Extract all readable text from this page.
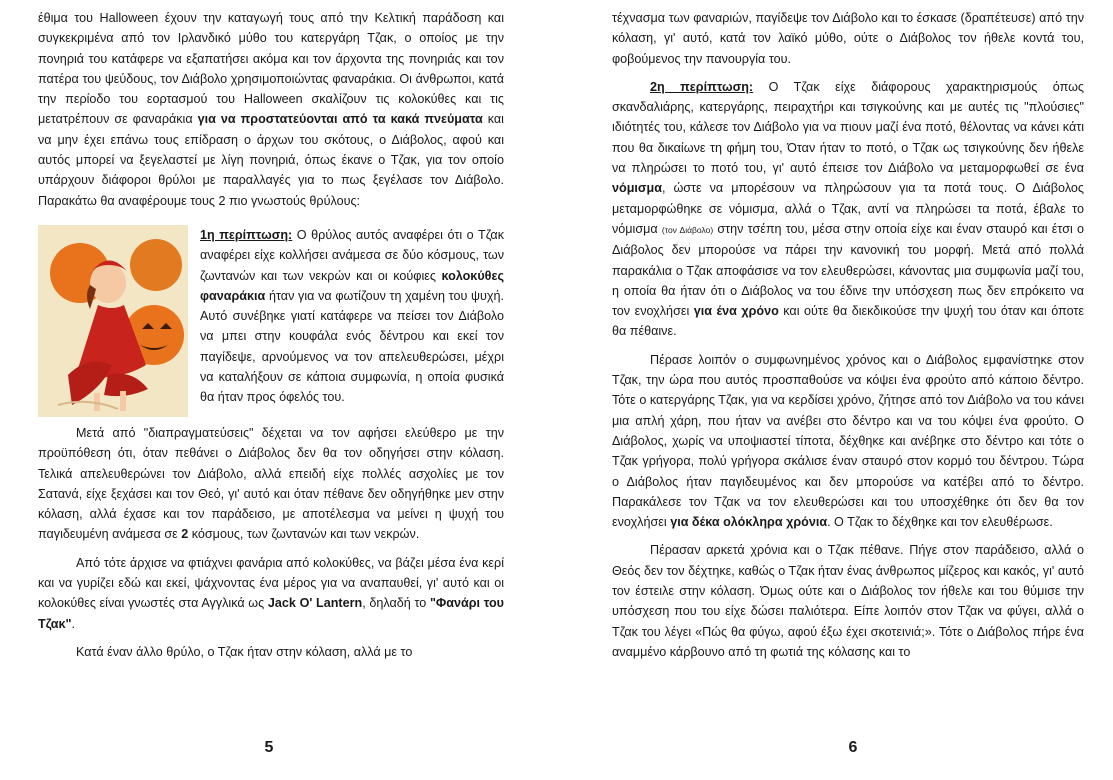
έθιμα του Halloween έχουν την καταγωγή τους από την Κελτική παράδοση και συγκεκριμένα από τον Ιρλανδικό μύθο του κατεργάρη Τζακ, ο οποίος με την πονηριά του κατάφερε να εξαπατήσει ακόμα και τον άρχοντα της πονηριάς και τον πατέρα του ψεύδους, τον Διάβολο χρησιμοποιώντας φαναράκια. Οι άνθρωποι, κατά την περίοδο του εορτασμού του Halloween σκαλίζουν τις κολοκύθες και τις μετατρέπουν σε φαναράκια για να προστατεύονται από τα κακά πνεύματα και να μην έχει επάνω τους επίδραση ο άρχων του σκότους, ο Διάβολος, αφού και αυτός μπορεί να ξεγελαστεί με λίγη πονηριά, όπως έκανε ο Τζακ, για τον οποίο υπάρχουν διάφοροι θρύλοι με παραλλαγές για το πως ξεγέλασε τον Διάβολο. Παρακάτω θα αναφέρουμε τους 2 πιο γνωστούς θρύλους:

1η περίπτωση: Ο θρύλος αυτός αναφέρει ότι ο Τζακ αναφέρει είχε κολλήσει ανάμεσα σε δύο κόσμους, των ζωντανών και των νεκρών και οι κούφιες κολοκύθες φαναράκια ήταν για να φωτίζουν τη χαμένη του ψυχή. Αυτό συνέβηκε γιατί κατάφερε να πείσει τον Διάβολο να μπει στην κουφάλα ενός δέντρου και εκεί τον παγίδεψε, αρνούμενος να τον απελευθερώσει, μέχρι να καταλήξουν σε κάποια συμφωνία, η οποία φυσικά θα ήταν προς όφελός του.

Μετά από "διαπραγματεύσεις" δέχεται να τον αφήσει ελεύθερο με την προϋπόθεση ότι, όταν πεθάνει ο Διάβολος δεν θα τον οδηγήσει στην κόλαση. Τελικά απελευθερώνει τον Διάβολο, αλλά επειδή είχε πολλές ασχολίες με τον Σατανά, είχε ξεχάσει και τον Θεό, γι' αυτό και όταν πέθανε δεν οδηγήθηκε μεν στην κόλαση, αλλά έχασε και τον παράδεισο, με αποτέλεσμα να μείνει η ψυχή του παγιδευμένη ανάμεσα σε 2 κόσμους, των ζωντανών και των νεκρών.

Από τότε άρχισε να φτιάχνει φανάρια από κολοκύθες, να βάζει μέσα ένα κερί και να γυρίζει εδώ και εκεί, ψάχνοντας ένα μέρος για να αναπαυθεί, γι' αυτό και οι κολοκύθες είναι γνωστές στα Αγγλικά ως Jack O' Lantern, δηλαδή το "Φανάρι του Τζακ".

Κατά έναν άλλο θρύλο, ο Τζακ ήταν στην κόλαση, αλλά με το

5

τέχνασμα των φαναριών, παγίδεψε τον Διάβολο και το έσκασε (δραπέτευσε) από την κόλαση, γι' αυτό, κατά τον λαϊκό μύθο, ούτε ο Διάβολος τον ήθελε κοντά του, φοβούμενος την πανουργία του.

2η περίπτωση: Ο Τζακ είχε διάφορους χαρακτηρισμούς όπως σκανδαλιάρης, κατεργάρης, πειραχτήρι και τσιγκούνης και με αυτές τις "πλούσιες" ιδιότητές του, κάλεσε τον Διάβολο για να πιουν μαζί ένα ποτό, θέλοντας να κάνει κάτι που θα δικαίωνε τη φήμη του, Όταν ήταν το ποτό, ο Τζακ ως τσιγκούνης δεν ήθελε να πληρώσει το ποτό του, γι' αυτό έπεισε τον Διάβολο να μεταμορφωθεί σε ένα νόμισμα, ώστε να μπορέσουν να πληρώσουν για τα ποτά τους. Ο Διάβολος μεταμορφώθηκε σε νόμισμα, αλλά ο Τζακ, αντί να πληρώσει τα ποτά, έβαλε το νόμισμα (τον Διάβολο) στην τσέπη του, μέσα στην οποία είχε και έναν σταυρό και έτσι ο Διάβολος δεν μπορούσε να πάρει την κανονική του μορφή. Μετά από πολλά παρακάλια ο Τζακ αποφάσισε να τον ελευθερώσει, κάνοντας μια συμφωνία μαζί του, η οποία θα ήταν ότι ο Διάβολος να του έδινε την υπόσχεση πως δεν επρόκειτο να τον ενοχλήσει για ένα χρόνο και ούτε θα διεκδικούσε την ψυχή του όταν και όποτε θα πέθαινε.

Πέρασε λοιπόν ο συμφωνημένος χρόνος και ο Διάβολος εμφανίστηκε στον Τζακ, την ώρα που αυτός προσπαθούσε να κόψει ένα φρούτο από κάποιο δέντρο. Τότε ο κατεργάρης Τζακ, για να κερδίσει χρόνο, ζήτησε από τον Διάβολο να του κάνει μια απλή χάρη, που ήταν να ανέβει στο δέντρο και να του κόψει ένα φρούτο. Ο Διάβολος, χωρίς να υποψιαστεί τίποτα, δέχθηκε και ανέβηκε στο δέντρο και τότε ο Τζακ γρήγορα, πολύ γρήγορα σκάλισε έναν σταυρό στον κορμό του δέντρου. Τώρα ο Διάβολος ήταν παγιδευμένος και δεν μπορούσε να κατέβει από το δέντρο. Παρακάλεσε τον Τζακ να τον ελευθερώσει και του υποσχέθηκε ότι δεν θα τον ενοχλήσει για δέκα ολόκληρα χρόνια. Ο Τζακ το δέχθηκε και τον ελευθέρωσε.

Πέρασαν αρκετά χρόνια και ο Τζακ πέθανε. Πήγε στον παράδεισο, αλλά ο Θεός δεν τον δέχτηκε, καθώς ο Τζακ ήταν ένας άνθρωπος μίζερος και κακός, γι' αυτό τον έστειλε στην κόλαση. Όμως ούτε και ο Διάβολος τον ήθελε και του θύμισε την υπόσχεση που του είχε δώσει παλιότερα. Είπε λοιπόν στον Τζακ να φύγει, αλλά ο Τζακ του λέγει «Πώς θα φύγω, αφού έξω έχει σκοτεινιά;». Τότε ο Διάβολος πήρε ένα αναμμένο κάρβουνο από τη φωτιά της κόλασης και το

6
